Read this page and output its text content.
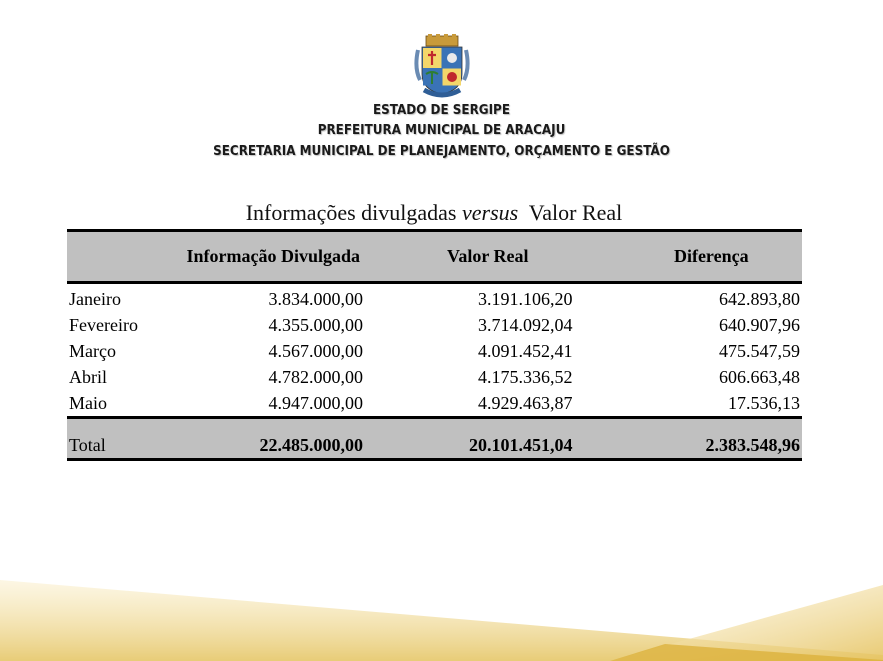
ESTADO DE SERGIPE
PREFEITURA MUNICIPAL DE ARACAJU
SECRETARIA MUNICIPAL DE PLANEJAMENTO, ORÇAMENTO E GESTÃO
Informações divulgadas versus  Valor Real
	Informação Divulgada	Valor Real	Diferença

Janeiro	3.834.000,00	3.191.106,20	642.893,80
Fevereiro	4.355.000,00	3.714.092,04	640.907,96
Março	4.567.000,00	4.091.452,41	475.547,59
Abril	4.782.000,00	4.175.336,52	606.663,48
Maio	4.947.000,00	4.929.463,87	17.536,13
Total	22.485.000,00	20.101.451,04	2.383.548,96
